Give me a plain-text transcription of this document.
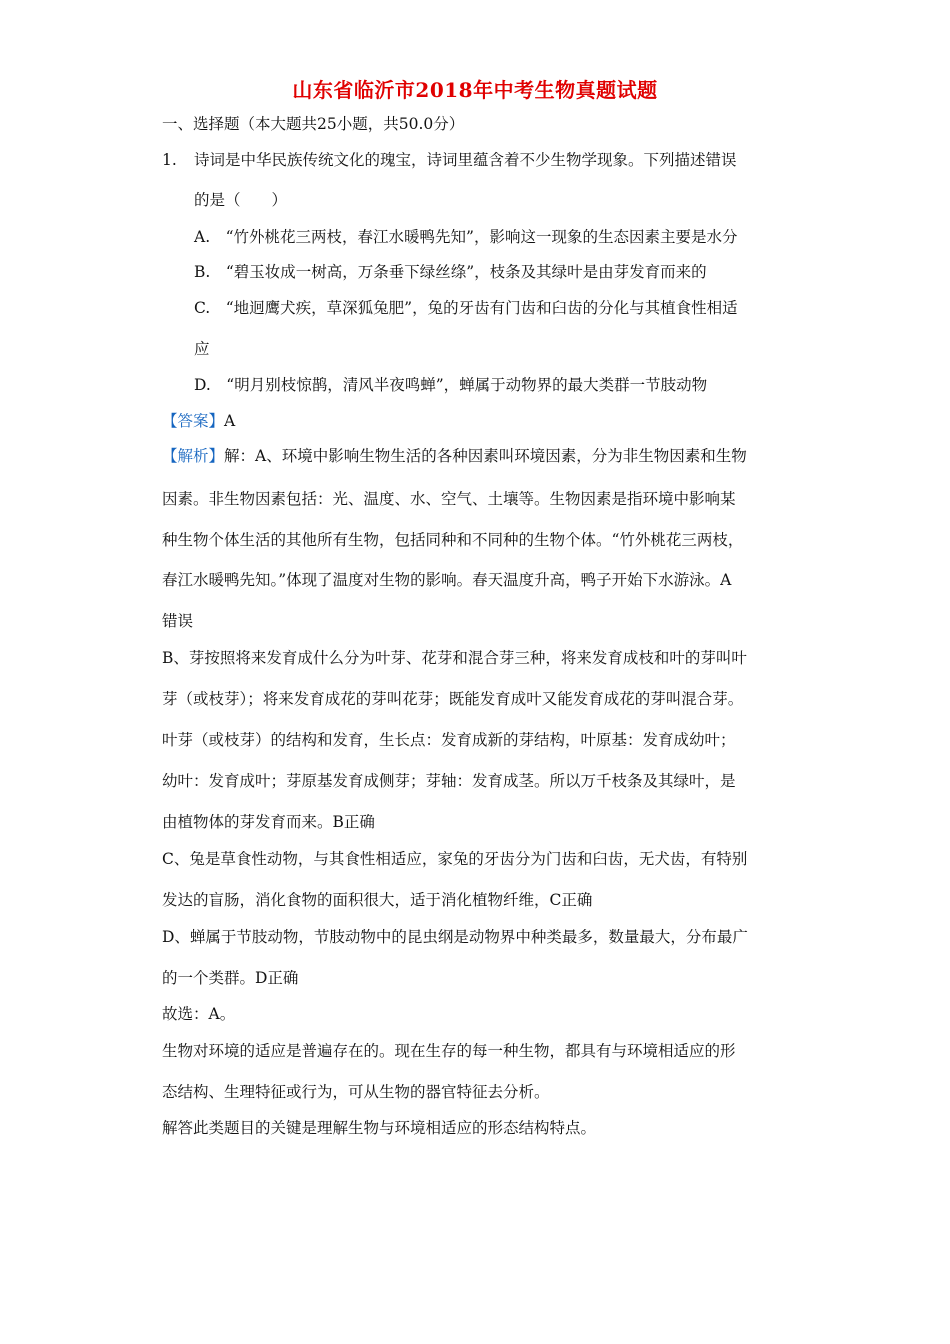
山东省临沂市2018年中考生物真题试题
一、选择题（本大题共25小题，共50.0分）
1. 诗词是中华民族传统文化的瑰宝，诗词里蕴含着不少生物学现象。下列描述错误
的是（　　）
A.　“竹外桃花三两枝，春江水暖鸭先知”，影响这一现象的生态因素主要是水分
B.　“碧玉妆成一树高，万条垂下绿丝绦”，枝条及其绿叶是由芽发育而来的
C.　“地迥鹰犬疾，草深狐兔肥”，兔的牙齿有门齿和臼齿的分化与其植食性相适
应
D.　“明月别枝惊鹊，清风半夜鸣蝉”，蝉属于动物界的最大类群一节肢动物
【答案】A
【解析】解：A、环境中影响生物生活的各种因素叫环境因素，分为非生物因素和生物
因素。非生物因素包括：光、温度、水、空气、土壤等。生物因素是指环境中影响某
种生物个体生活的其他所有生物，包括同种和不同种的生物个体。“竹外桃花三两枝，
春江水暖鸭先知。”体现了温度对生物的影响。春天温度升高，鸭子开始下水游泳。A
错误
B、芽按照将来发育成什么分为叶芽、花芽和混合芽三种，将来发育成枝和叶的芽叫叶
芽（或枝芽）；将来发育成花的芽叫花芽；既能发育成叶又能发育成花的芽叫混合芽。
叶芽（或枝芽）的结构和发育，生长点：发育成新的芽结构，叶原基：发育成幼叶；
幼叶：发育成叶；芽原基发育成侧芽；芽轴：发育成茎。所以万千枝条及其绿叶，是
由植物体的芽发育而来。B正确
C、兔是草食性动物，与其食性相适应，家兔的牙齿分为门齿和臼齿，无犬齿，有特别
发达的盲肠，消化食物的面积很大，适于消化植物纤维，C正确
D、蝉属于节肢动物，节肢动物中的昆虫纲是动物界中种类最多，数量最大，分布最广
的一个类群。D正确
故选：A。
生物对环境的适应是普遍存在的。现在生存的每一种生物，都具有与环境相适应的形
态结构、生理特征或行为，可从生物的器官特征去分析。
解答此类题目的关键是理解生物与环境相适应的形态结构特点。
